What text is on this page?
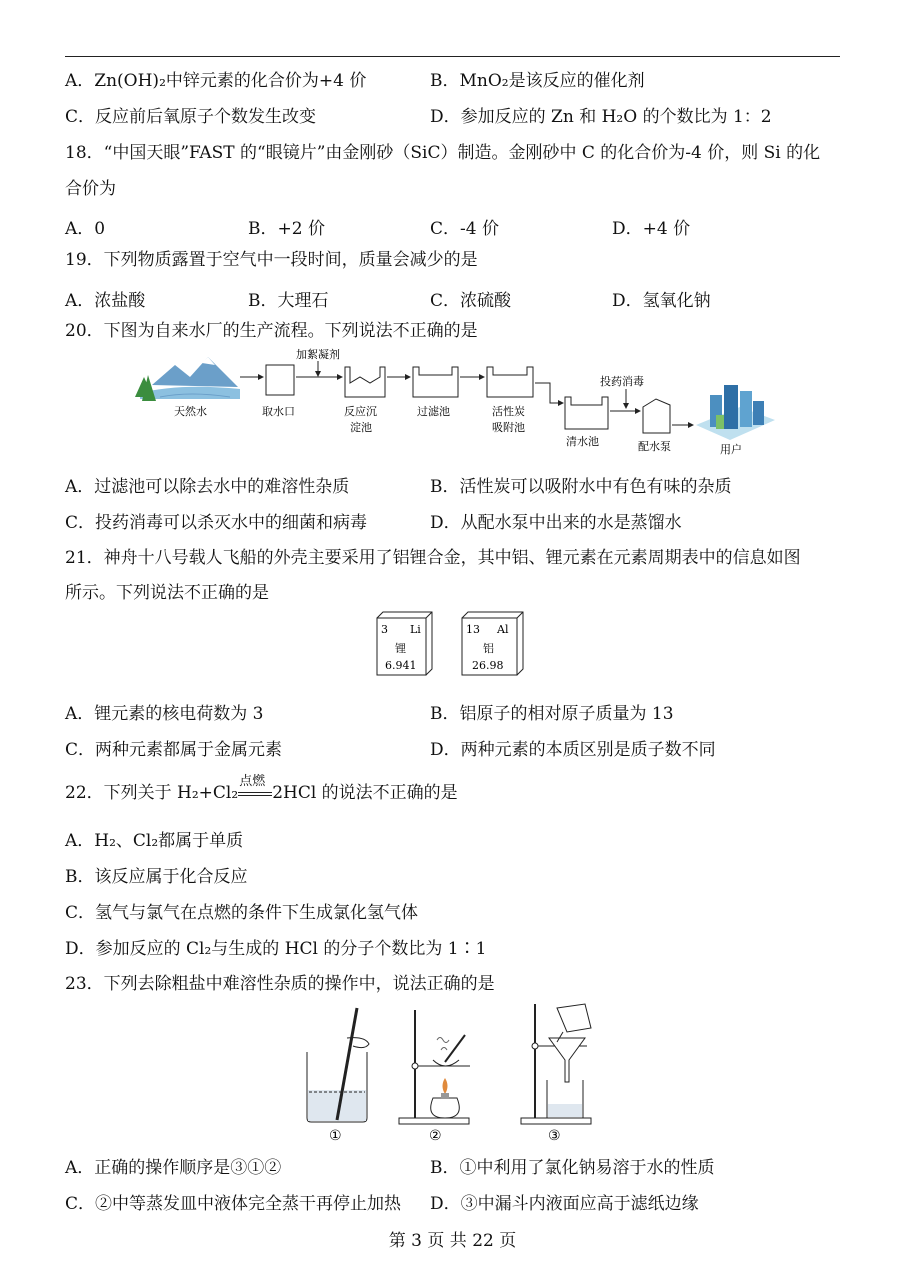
A．Zn(OH)₂中锌元素的化合价为+4 价	B．MnO₂是该反应的催化剂
C．反应前后氧原子个数发生改变	D．参加反应的 Zn 和 H₂O 的个数比为 1：2
18．“中国天眼”FAST 的“眼镜片”由金刚砂（SiC）制造。金刚砂中 C 的化合价为-4 价，则 Si 的化
合价为
A．0	B．+2 价	C．-4 价	D．+4 价
19．下列物质露置于空气中一段时间，质量会减少的是
A．浓盐酸	B．大理石	C．浓硫酸	D．氢氧化钠
20．下图为自来水厂的生产流程。下列说法不正确的是
天然水	取水口
加絮凝剂
反应沉
淀池
过滤池	活性炭
吸附池
清水池
投药消毒
配水泵	用户
A．过滤池可以除去水中的难溶性杂质	B．活性炭可以吸附水中有色有味的杂质
C．投药消毒可以杀灭水中的细菌和病毒	D．从配水泵中出来的水是蒸馏水
21．神舟十八号载人飞船的外壳主要采用了铝锂合金，其中铝、锂元素在元素周期表中的信息如图
所示。下列说法不正确的是
3 Li
锂
6.941
13 Al
铝
26.98
A．锂元素的核电荷数为 3	B．铝原子的相对原子质量为 13
C．两种元素都属于金属元素	D．两种元素的本质区别是质子数不同
22．下列关于 H₂+Cl₂
点燃
2HCl 的说法不正确的是
A．H₂、Cl₂都属于单质
B．该反应属于化合反应
C．氢气与氯气在点燃的条件下生成氯化氢气体
D．参加反应的 Cl₂与生成的 HCl 的分子个数比为 1∶1
23．下列去除粗盐中难溶性杂质的操作中，说法正确的是
①	②	③
A．正确的操作顺序是③①②	B．①中利用了氯化钠易溶于水的性质
C．②中等蒸发皿中液体完全蒸干再停止加热 D．③中漏斗内液面应高于滤纸边缘
第 3 页 共 22 页
